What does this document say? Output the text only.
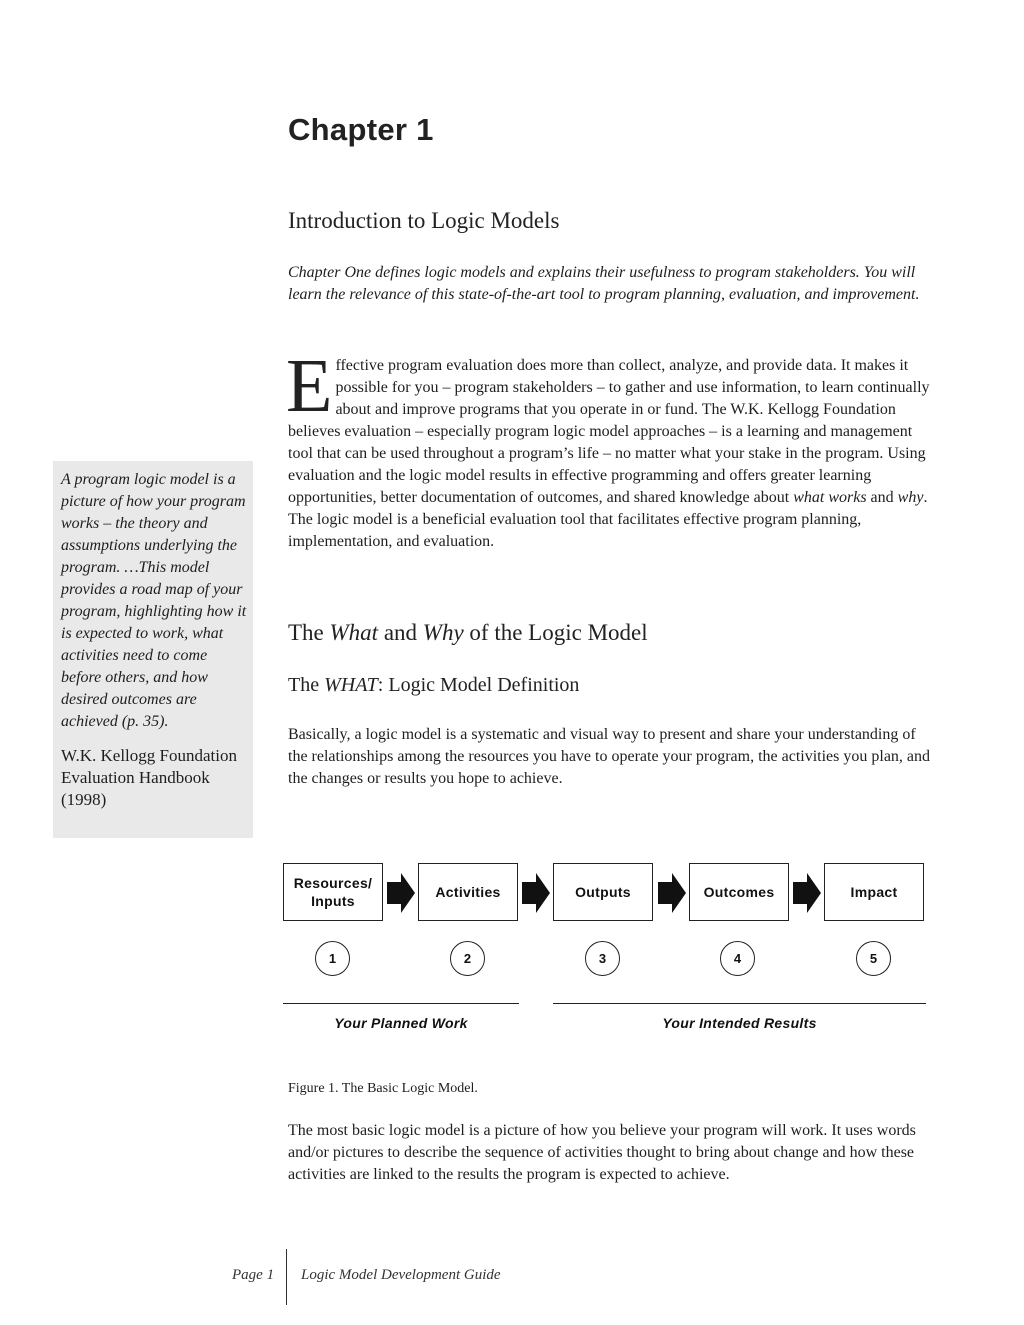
Chapter 1
Introduction to Logic Models

Chapter One defines logic models and explains their usefulness to program stakeholders. You will learn the relevance of this state-of-the-art tool to program planning, evaluation, and improvement.

Effective program evaluation does more than collect, analyze, and provide data. It makes it possible for you – program stakeholders – to gather and use information, to learn continually about and improve programs that you operate in or fund. The W.K. Kellogg Foundation believes evaluation – especially program logic model approaches – is a learning and management tool that can be used throughout a program’s life – no matter what your stake in the program. Using evaluation and the logic model results in effective programming and offers greater learning opportunities, better documentation of outcomes, and shared knowledge about what works and why. The logic model is a beneficial evaluation tool that facilitates effective program planning, implementation, and evaluation.

A program logic model is a picture of how your program works – the theory and assumptions underlying the program. …This model provides a road map of your program, highlighting how it is expected to work, what activities need to come before others, and how desired outcomes are achieved (p. 35).

W.K. Kellogg Foundation Evaluation Handbook (1998)

The What and Why of the Logic Model
The WHAT: Logic Model Definition

Basically, a logic model is a systematic and visual way to present and share your understanding of the relationships among the resources you have to operate your program, the activities you plan, and the changes or results you hope to achieve.

Resources/
Inputs
Activities	Outputs	Outcomes	Impact
1	2	3	4	5
Your Planned Work	Your Intended Results

Figure 1. The Basic Logic Model.

The most basic logic model is a picture of how you believe your program will work. It uses words and/or pictures to describe the sequence of activities thought to bring about change and how these activities are linked to the results the program is expected to achieve.

Page 1 Logic Model Development Guide
